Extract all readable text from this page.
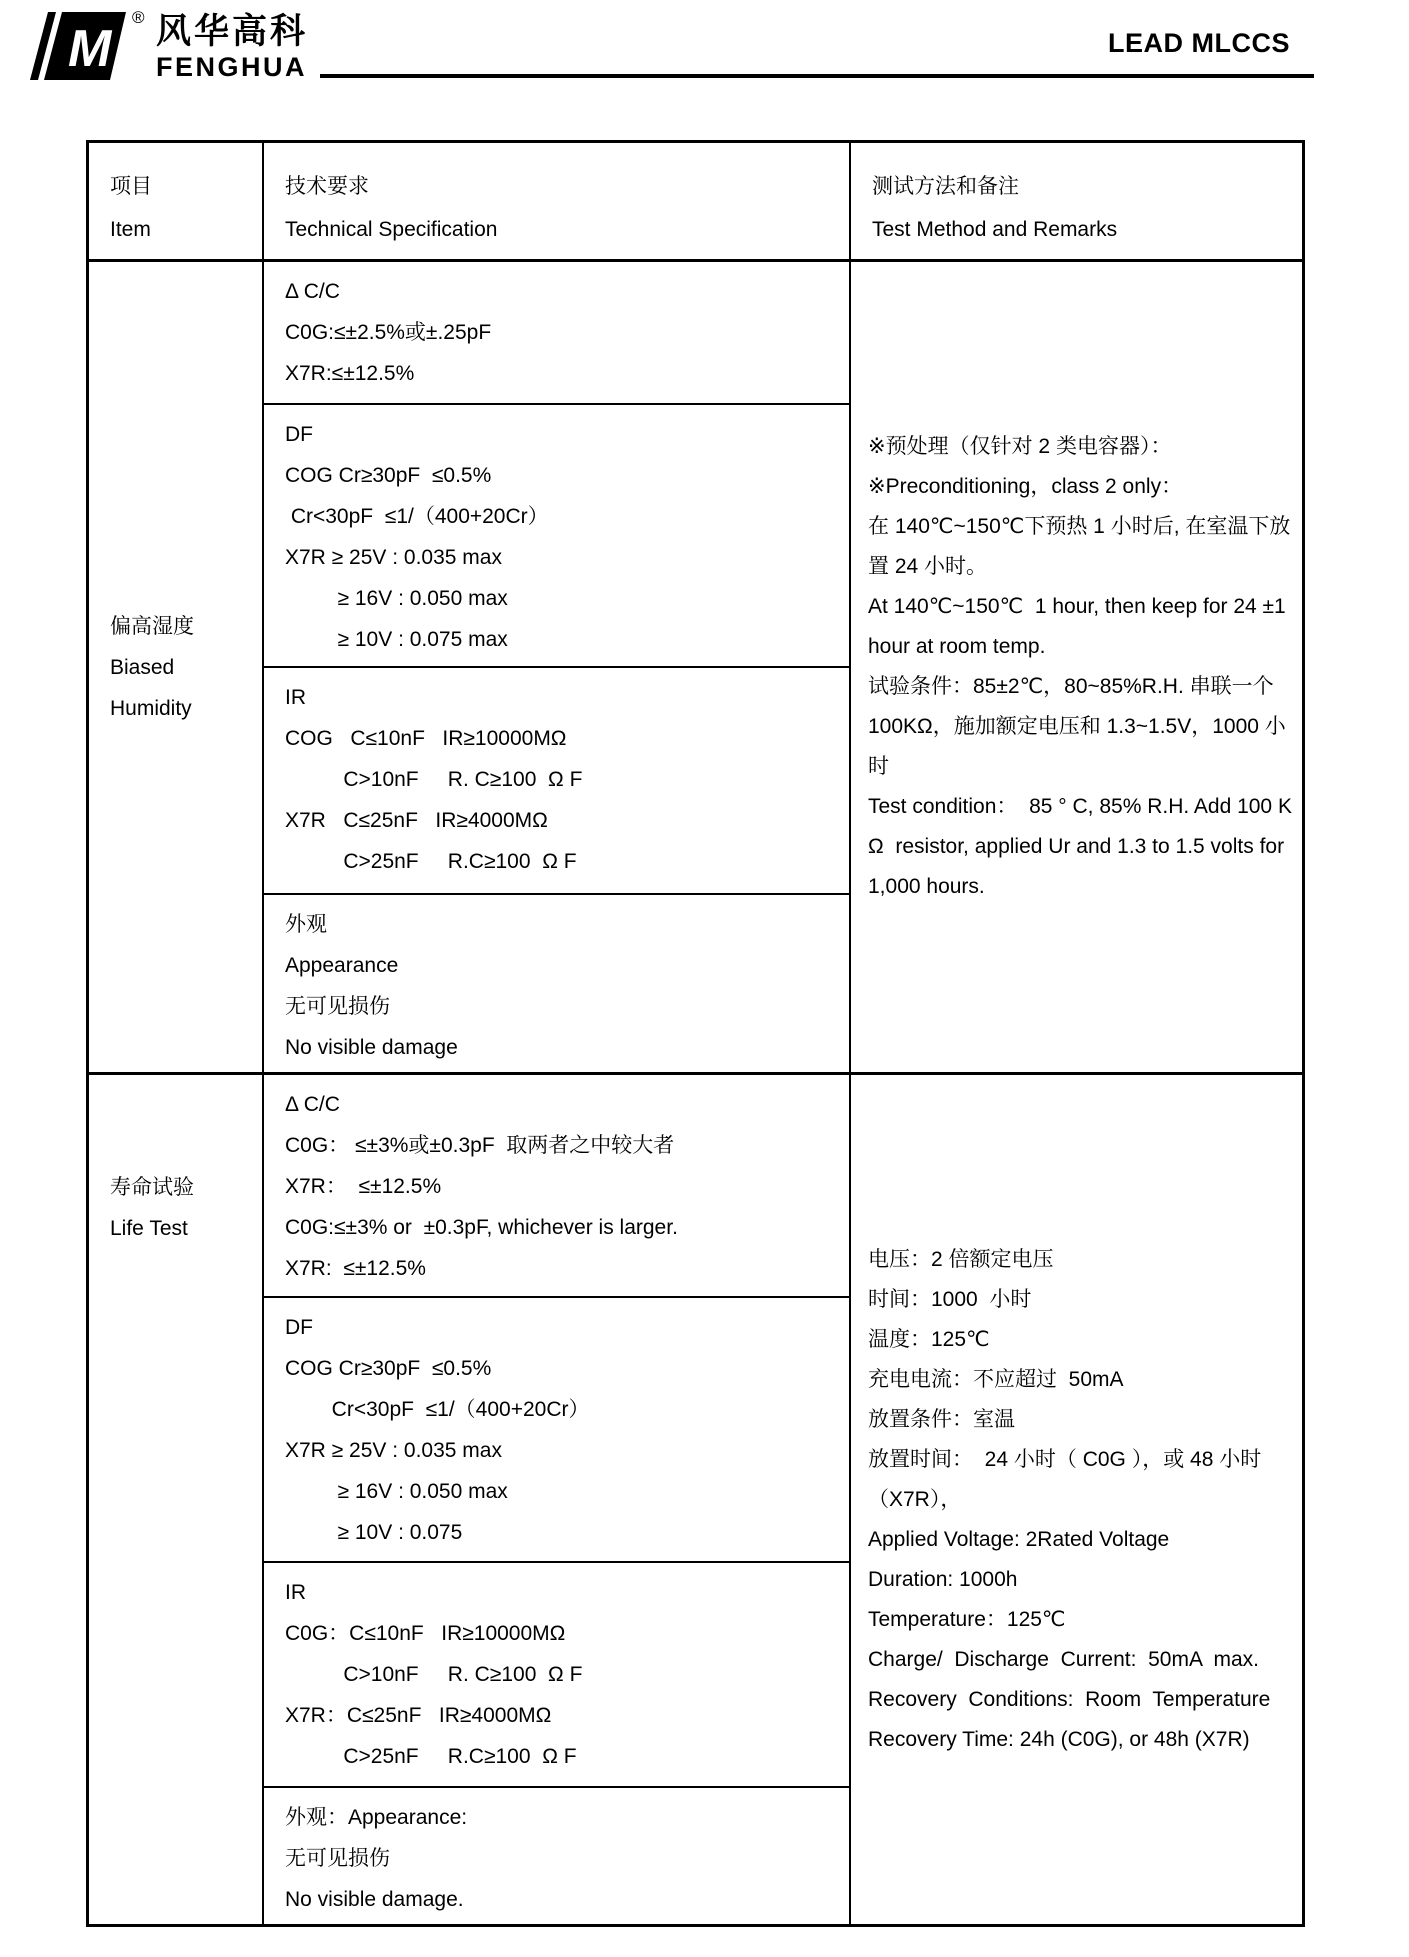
M
® 风华高科
FENGHUA
LEAD MLCCS
项目
Item
技术要求
Technical Specification
测试方法和备注
Test Method and Remarks
偏高湿度
Biased
Humidity
Δ C/C
C0G:≤±2.5%或±.25pF
X7R:≤±12.5%
DF
COG Cr≥30pF  ≤0.5%
Cr<30pF  ≤1/（400+20Cr）
X7R ≥ 25V : 0.035 max
≥ 16V : 0.050 max
≥ 10V : 0.075 max
IR
COG   C≤10nF   IR≥10000MΩ
C>10nF     R. C≥100  Ω F
X7R   C≤25nF   IR≥4000MΩ
C>25nF     R.C≥100  Ω F
外观
Appearance
无可见损伤
No visible damage
※预处理（仅针对 2 类电容器）：
※Preconditioning，class 2 only：
在 140℃~150℃下预热 1 小时后, 在室温下放
置 24 小时。
At 140℃~150℃  1 hour, then keep for 24 ±1
hour at room temp.
试验条件：85±2℃，80~85%R.H. 串联一个
100KΩ，施加额定电压和 1.3~1.5V，1000 小
时
Test condition：  85 ° C, 85% R.H. Add 100 K
Ω  resistor, applied Ur and 1.3 to 1.5 volts for
1,000 hours.
寿命试验
Life Test
Δ C/C
C0G： ≤±3%或±0.3pF  取两者之中较大者
X7R：  ≤±12.5%
C0G:≤±3% or  ±0.3pF, whichever is larger.
X7R:  ≤±12.5%
DF
COG Cr≥30pF  ≤0.5%
Cr<30pF  ≤1/（400+20Cr）
X7R ≥ 25V : 0.035 max
≥ 16V : 0.050 max
≥ 10V : 0.075
IR
C0G：C≤10nF   IR≥10000MΩ
C>10nF     R. C≥100  Ω F
X7R：C≤25nF   IR≥4000MΩ
C>25nF     R.C≥100  Ω F
外观：Appearance:
无可见损伤
No visible damage.
电压：2 倍额定电压
时间：1000  小时
温度：125℃
充电电流：不应超过  50mA
放置条件：室温
放置时间：  24 小时（ C0G ），或 48 小时
（X7R），
Applied Voltage: 2Rated Voltage
Duration: 1000h
Temperature：125℃
Charge/  Discharge  Current:  50mA  max.
Recovery  Conditions:  Room  Temperature
Recovery Time: 24h (C0G), or 48h (X7R)
